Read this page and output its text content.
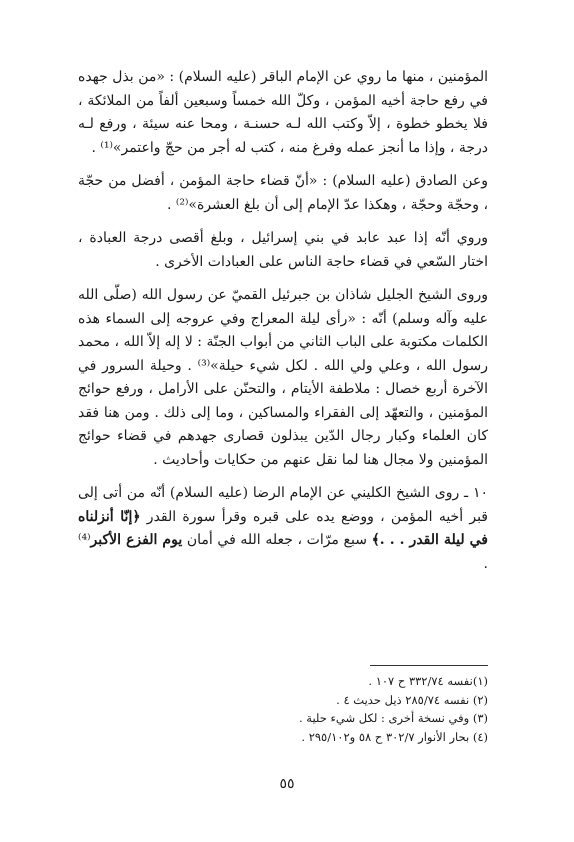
المؤمنين ، منها ما روي عن الإمام الباقر (عليه السلام) : «من بذل جهده في رفع حاجة أخيه المؤمن ، وكلّ الله خمساً وسبعين ألفاً من الملائكة ، فلا يخطو خطوة ، إلاّ وكتب الله لـه حسنـة ، ومحا عنه سيئة ، ورفع لـه درجة ، وإذا ما أنجز عمله وفرغ منه ، كتب له أجر من حجّ واعتمر»⁽¹⁾ .

وعن الصادق (عليه السلام) : «أنّ قضاء حاجة المؤمن ، أفضل من حجّة ، وحجّة وحجّة ، وهكذا عدّ الإمام إلى أن بلغ العشرة»⁽²⁾ .

وروي أنّه إذا عبد عابد في بني إسرائيل ، وبلغ أقصى درجة العبادة ، اختار السّعي في قضاء حاجة الناس على العبادات الأخرى .

وروى الشيخ الجليل شاذان بن جبرئيل القميّ عن رسول الله (صلّى الله عليه وآله وسلم) أنّه : «رأى ليلة المعراج وفي عروجه إلى السماء هذه الكلمات مكتوبة على الباب الثاني من أبواب الجنّة : لا إله إلاّ الله ، محمد رسول الله ، وعلي ولي الله . لكل شيء حيلة»⁽³⁾ . وحيلة السرور في الآخرة أربع خصال : ملاطفة الأيتام ، والتحنّن على الأرامل ، ورفع حوائج المؤمنين ، والتعهّد إلى الفقراء والمساكين ، وما إلى ذلك . ومن هنا فقد كان العلماء وكبار رجال الدّين يبذلون قصارى جهدهم في قضاء حوائج المؤمنين ولا مجال هنا لما نقل عنهم من حكايات وأحاديث .

١٠ ـ روى الشيخ الكليني عن الإمام الرضا (عليه السلام) أنّه من أتى إلى قبر أخيه المؤمن ، ووضع يده على قبره وقرأ سورة القدر ﴿إنّا أنزلناه في ليلة القدر . . .﴾ سبع مرّات ، جعله الله في أمان يوم الفزع الأكبر⁽⁴⁾ .

(١)نفسه ٣٣٢/٧٤ ح ١٠٧ .
(٢) نفسه ٢٨٥/٧٤ ذيل حديث ٤ .
(٣) وفي نسخة أخرى : لكل شيء حلية .
(٤) بحار الأنوار ٣٠٢/٧ ح ٥٨ و٢٩٥/١٠٢ .
٥٥
